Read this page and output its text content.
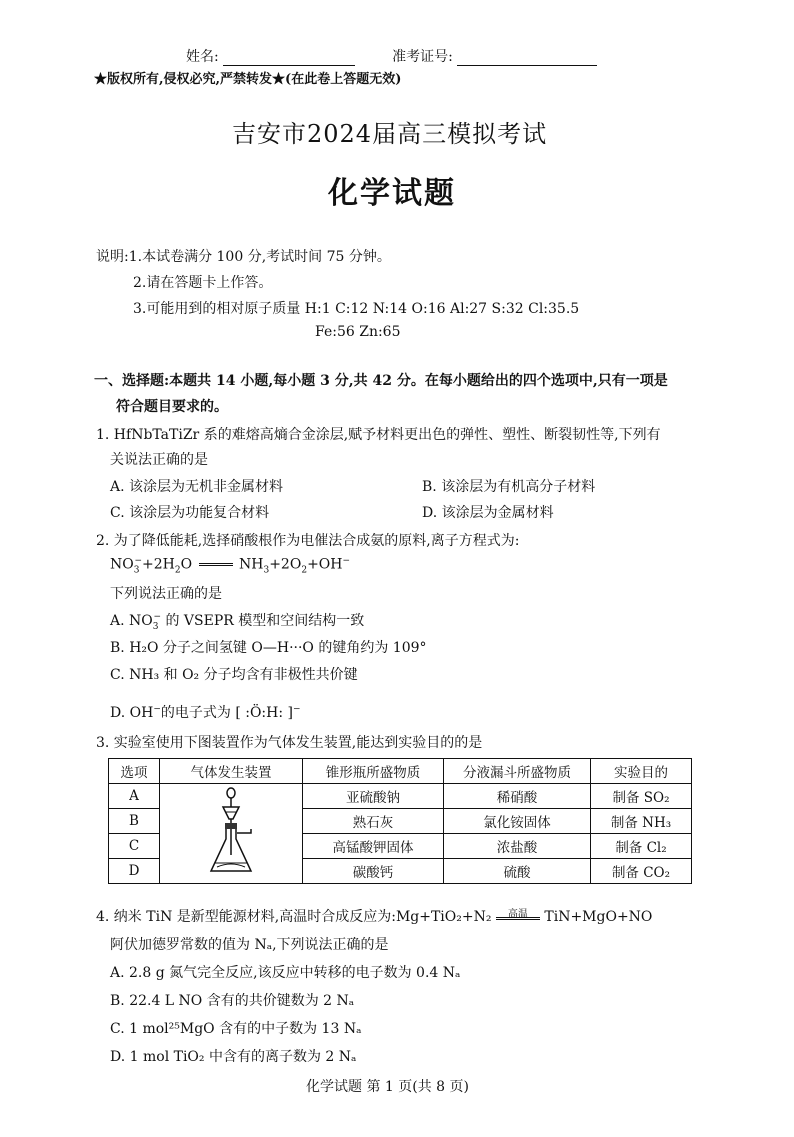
姓名:	准考证号:
★版权所有,侵权必究,严禁转发★(在此卷上答题无效)
吉安市2024届高三模拟考试
化学试题
说明:1.本试卷满分 100 分,考试时间 75 分钟。
2.请在答题卡上作答。
3.可能用到的相对原子质量 H:1 C:12 N:14 O:16 Al:27 S:32 Cl:35.5
Fe:56 Zn:65
一、选择题:本题共 14 小题,每小题 3 分,共 42 分。在每小题给出的四个选项中,只有一项是
符合题目要求的。
1. HfNbTaTiZr 系的难熔高熵合金涂层,赋予材料更出色的弹性、塑性、断裂韧性等,下列有
关说法正确的是
A. 该涂层为无机非金属材料	B. 该涂层为有机高分子材料
C. 该涂层为功能复合材料	D. 该涂层为金属材料
2. 为了降低能耗,选择硝酸根作为电催法合成氨的原料,离子方程式为:
$NO_3^-+2H_2O$	$NH_3+2O_2+OH^-$
下列说法正确的是
A. $NO_3^-$ 的 VSEPR 模型和空间结构一致
B. H₂O 分子之间氢键 O—H···O 的键角约为 109°
C. NH₃ 和 O₂ 分子均含有非极性共价键
D. OH−的电子式为 [ :Ö:H: ]−
3. 实验室使用下图装置作为气体发生装置,能达到实验目的的是
选项	气体发生装置	锥形瓶所盛物质	分液漏斗所盛物质	实验目的
A		亚硫酸钠	稀硝酸	制备 SO₂
B		熟石灰	氯化铵固体	制备 NH₃
C		高锰酸钾固体	浓盐酸	制备 Cl₂
D		碳酸钙	硫酸	制备 CO₂
4. 纳米 TiN 是新型能源材料,高温时合成反应为:Mg+TiO₂+N₂	高温	TiN+MgO+NO
阿伏加德罗常数的值为 Nₐ,下列说法正确的是
A. 2.8 g 氮气完全反应,该反应中转移的电子数为 0.4 Nₐ
B. 22.4 L NO 含有的共价键数为 2 Nₐ
C. 1 mol²⁵MgO 含有的中子数为 13 Nₐ
D. 1 mol TiO₂ 中含有的离子数为 2 Nₐ
化学试题 第 1 页(共 8 页)
